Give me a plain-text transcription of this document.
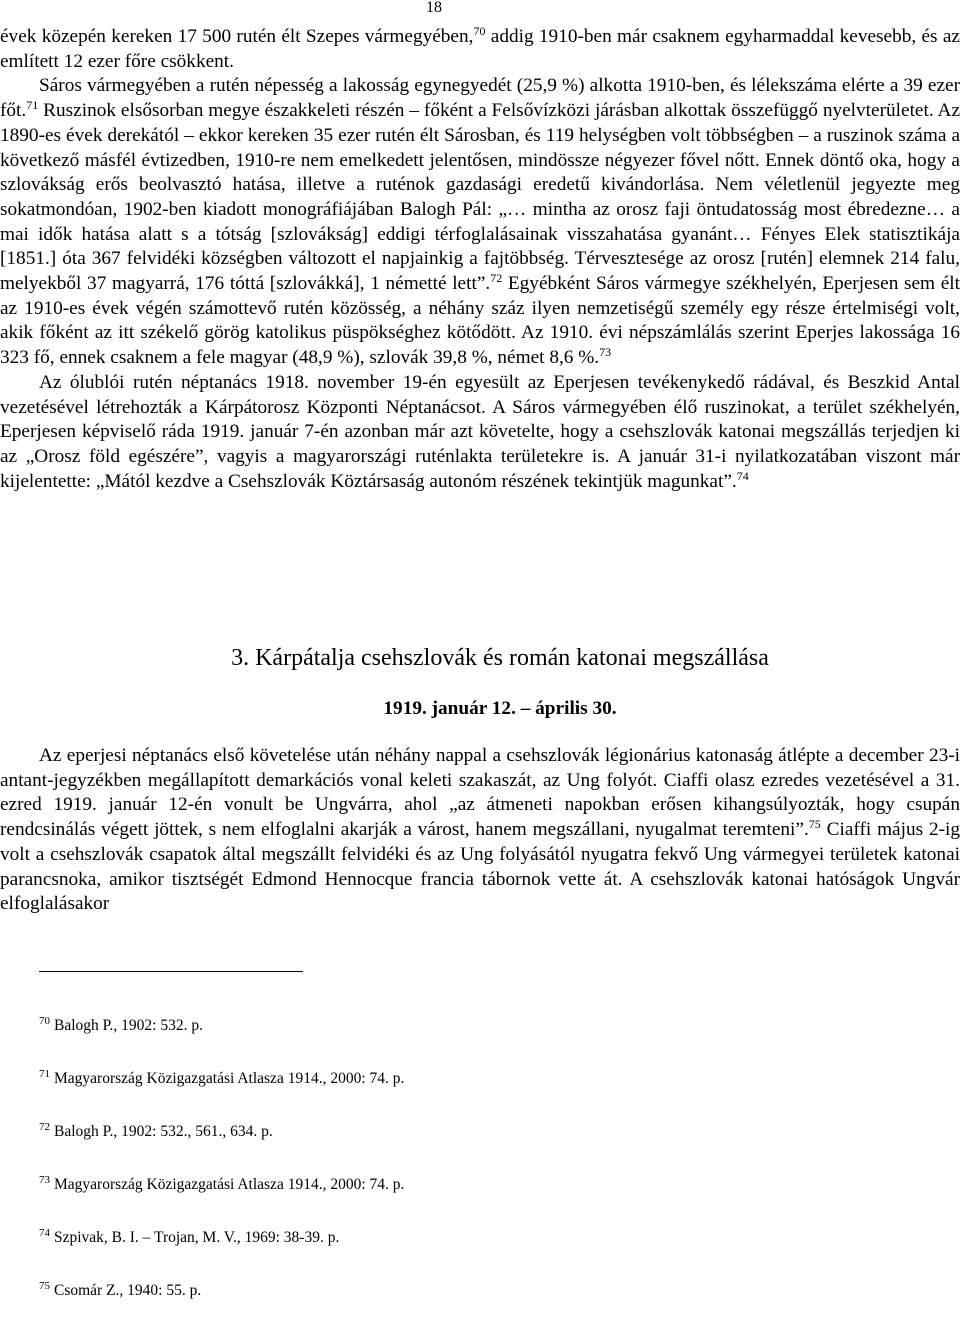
18

évek közepén kereken 17 500 rutén élt Szepes vármegyében,$^{70}$ addig 1910-ben már csaknem egyharmaddal kevesebb, és az említett 12 ezer főre csökkent.

Sáros vármegyében a rutén népesség a lakosság egynegyedét (25,9 %) alkotta 1910-ben, és lélekszáma elérte a 39 ezer főt.$^{71}$ Ruszinok elsősorban megye északkeleti részén – főként a Felsővízközi járásban alkottak összefüggő nyelvterületet. Az 1890-es évek derekától – ekkor kereken 35 ezer rutén élt Sárosban, és 119 helységben volt többségben – a ruszinok száma a következő másfél évtizedben, 1910-re nem emelkedett jelentősen, mindössze négyezer fővel nőtt. Ennek döntő oka, hogy a szlovákság erős beolvasztó hatása, illetve a ruténok gazdasági eredetű kivándorlása. Nem véletlenül jegyezte meg sokatmondóan, 1902-ben kiadott monográfiájában Balogh Pál: „… mintha az orosz faji öntudatosság most ébredezne… a mai idők hatása alatt s a tótság [szlovákság] eddigi térfoglalásainak visszahatása gyanánt… Fényes Elek statisztikája [1851.] óta 367 felvidéki községben változott el napjainkig a fajtöbbség. Térvesztesége az orosz [rutén] elemnek 214 falu, melyekből 37 magyarrá, 176 tóttá [szlovákká], 1 németté lett”.$^{72}$ Egyébként Sáros vármegye székhelyén, Eperjesen sem élt az 1910-es évek végén számottevő rutén közösség, a néhány száz ilyen nemzetiségű személy egy része értelmiségi volt, akik főként az itt székelő görög katolikus püspökséghez kötődött. Az 1910. évi népszámlálás szerint Eperjes lakossága 16 323 fő, ennek csaknem a fele magyar (48,9 %), szlovák 39,8 %, német 8,6 %.$^{73}$

Az ólublói rutén néptanács 1918. november 19-én egyesült az Eperjesen tevékenykedő rádával, és Beszkid Antal vezetésével létrehozták a Kárpátorosz Központi Néptanácsot. A Sáros vármegyében élő ruszinokat, a terület székhelyén, Eperjesen képviselő ráda 1919. január 7-én azonban már azt követelte, hogy a csehszlovák katonai megszállás terjedjen ki az „Orosz föld egészére”, vagyis a magyarországi ruténlakta területekre is. A január 31-i nyilatkozatában viszont már kijelentette: „Mától kezdve a Csehszlovák Köztársaság autonóm részének tekintjük magunkat”.$^{74}$

3. Kárpátalja csehszlovák és román katonai megszállása
1919. január 12. – április 30.

Az eperjesi néptanács első követelése után néhány nappal a csehszlovák légionárius katonaság átlépte a december 23-i antant-jegyzékben megállapított demarkációs vonal keleti szakaszát, az Ung folyót. Ciaffi olasz ezredes vezetésével a 31. ezred 1919. január 12-én vonult be Ungvárra, ahol „az átmeneti napokban erősen kihangsúlyozták, hogy csupán rendcsinálás végett jöttek, s nem elfoglalni akarják a várost, hanem megszállani, nyugalmat teremteni”.$^{75}$ Ciaffi május 2-ig volt a csehszlovák csapatok által megszállt felvidéki és az Ung folyásától nyugatra fekvő Ung vármegyei területek katonai parancsnoka, amikor tisztségét Edmond Hennocque francia tábornok vette át. A csehszlovák katonai hatóságok Ungvár elfoglalásakor

$^{70}$ Balogh P., 1902: 532. p.
$^{71}$ Magyarország Közigazgatási Atlasza 1914., 2000: 74. p.
$^{72}$ Balogh P., 1902: 532., 561., 634. p.
$^{73}$ Magyarország Közigazgatási Atlasza 1914., 2000: 74. p.
$^{74}$ Szpivak, B. I. – Trojan, M. V., 1969: 38-39. p.
$^{75}$ Csomár Z., 1940: 55. p.
